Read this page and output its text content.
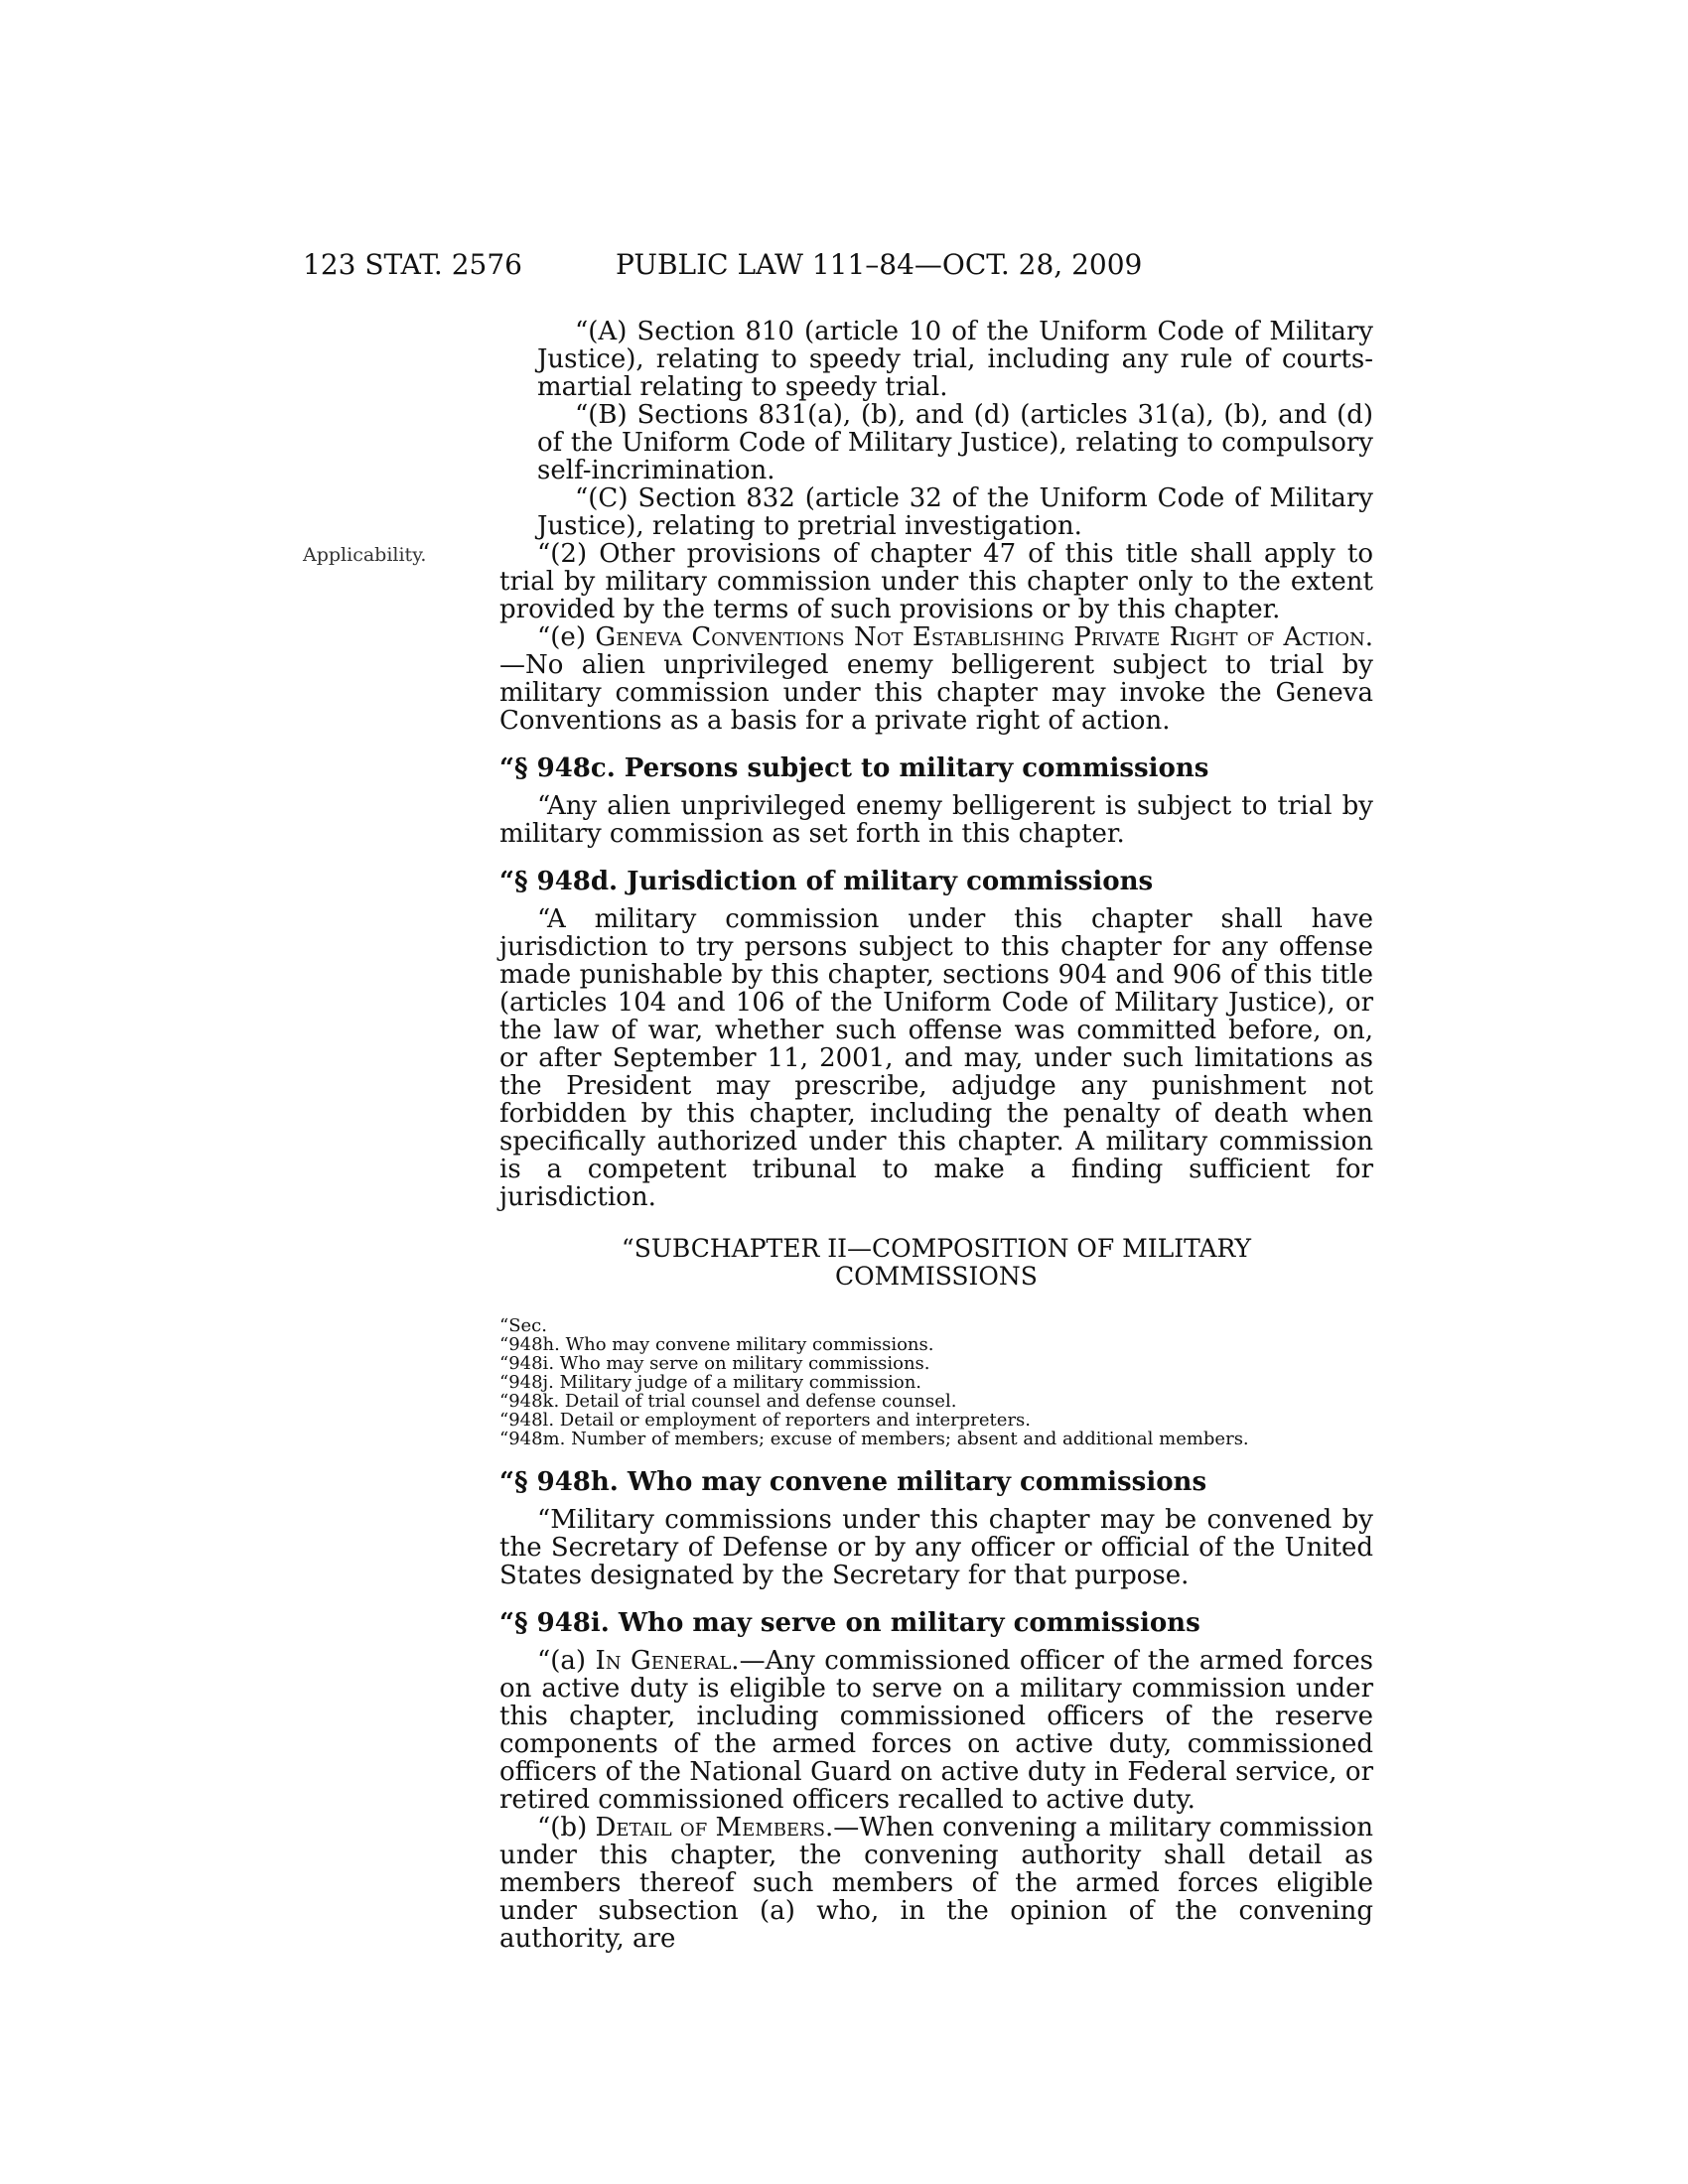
123 STAT. 2576	PUBLIC LAW 111–84—OCT. 28, 2009
Applicability.

“(A) Section 810 (article 10 of the Uniform Code of Military Justice), relating to speedy trial, including any rule of courts-martial relating to speedy trial.

“(B) Sections 831(a), (b), and (d) (articles 31(a), (b), and (d) of the Uniform Code of Military Justice), relating to compulsory self-incrimination.

“(C) Section 832 (article 32 of the Uniform Code of Military Justice), relating to pretrial investigation.

“(2) Other provisions of chapter 47 of this title shall apply to trial by military commission under this chapter only to the extent provided by the terms of such provisions or by this chapter.

“(e) Geneva Conventions Not Establishing Private Right of Action.—No alien unprivileged enemy belligerent subject to trial by military commission under this chapter may invoke the Geneva Conventions as a basis for a private right of action.

“§ 948c. Persons subject to military commissions

“Any alien unprivileged enemy belligerent is subject to trial by military commission as set forth in this chapter.

“§ 948d. Jurisdiction of military commissions

“A military commission under this chapter shall have jurisdiction to try persons subject to this chapter for any offense made punishable by this chapter, sections 904 and 906 of this title (articles 104 and 106 of the Uniform Code of Military Justice), or the law of war, whether such offense was committed before, on, or after September 11, 2001, and may, under such limitations as the President may prescribe, adjudge any punishment not forbidden by this chapter, including the penalty of death when specifically authorized under this chapter. A military commission is a competent tribunal to make a finding sufficient for jurisdiction.

“SUBCHAPTER II—COMPOSITION OF MILITARY
COMMISSIONS

“Sec.
“948h. Who may convene military commissions.
“948i. Who may serve on military commissions.
“948j. Military judge of a military commission.
“948k. Detail of trial counsel and defense counsel.
“948l. Detail or employment of reporters and interpreters.
“948m. Number of members; excuse of members; absent and additional members.

“§ 948h. Who may convene military commissions

“Military commissions under this chapter may be convened by the Secretary of Defense or by any officer or official of the United States designated by the Secretary for that purpose.

“§ 948i. Who may serve on military commissions

“(a) In General.—Any commissioned officer of the armed forces on active duty is eligible to serve on a military commission under this chapter, including commissioned officers of the reserve components of the armed forces on active duty, commissioned officers of the National Guard on active duty in Federal service, or retired commissioned officers recalled to active duty.

“(b) Detail of Members.—When convening a military commission under this chapter, the convening authority shall detail as members thereof such members of the armed forces eligible under subsection (a) who, in the opinion of the convening authority, are
